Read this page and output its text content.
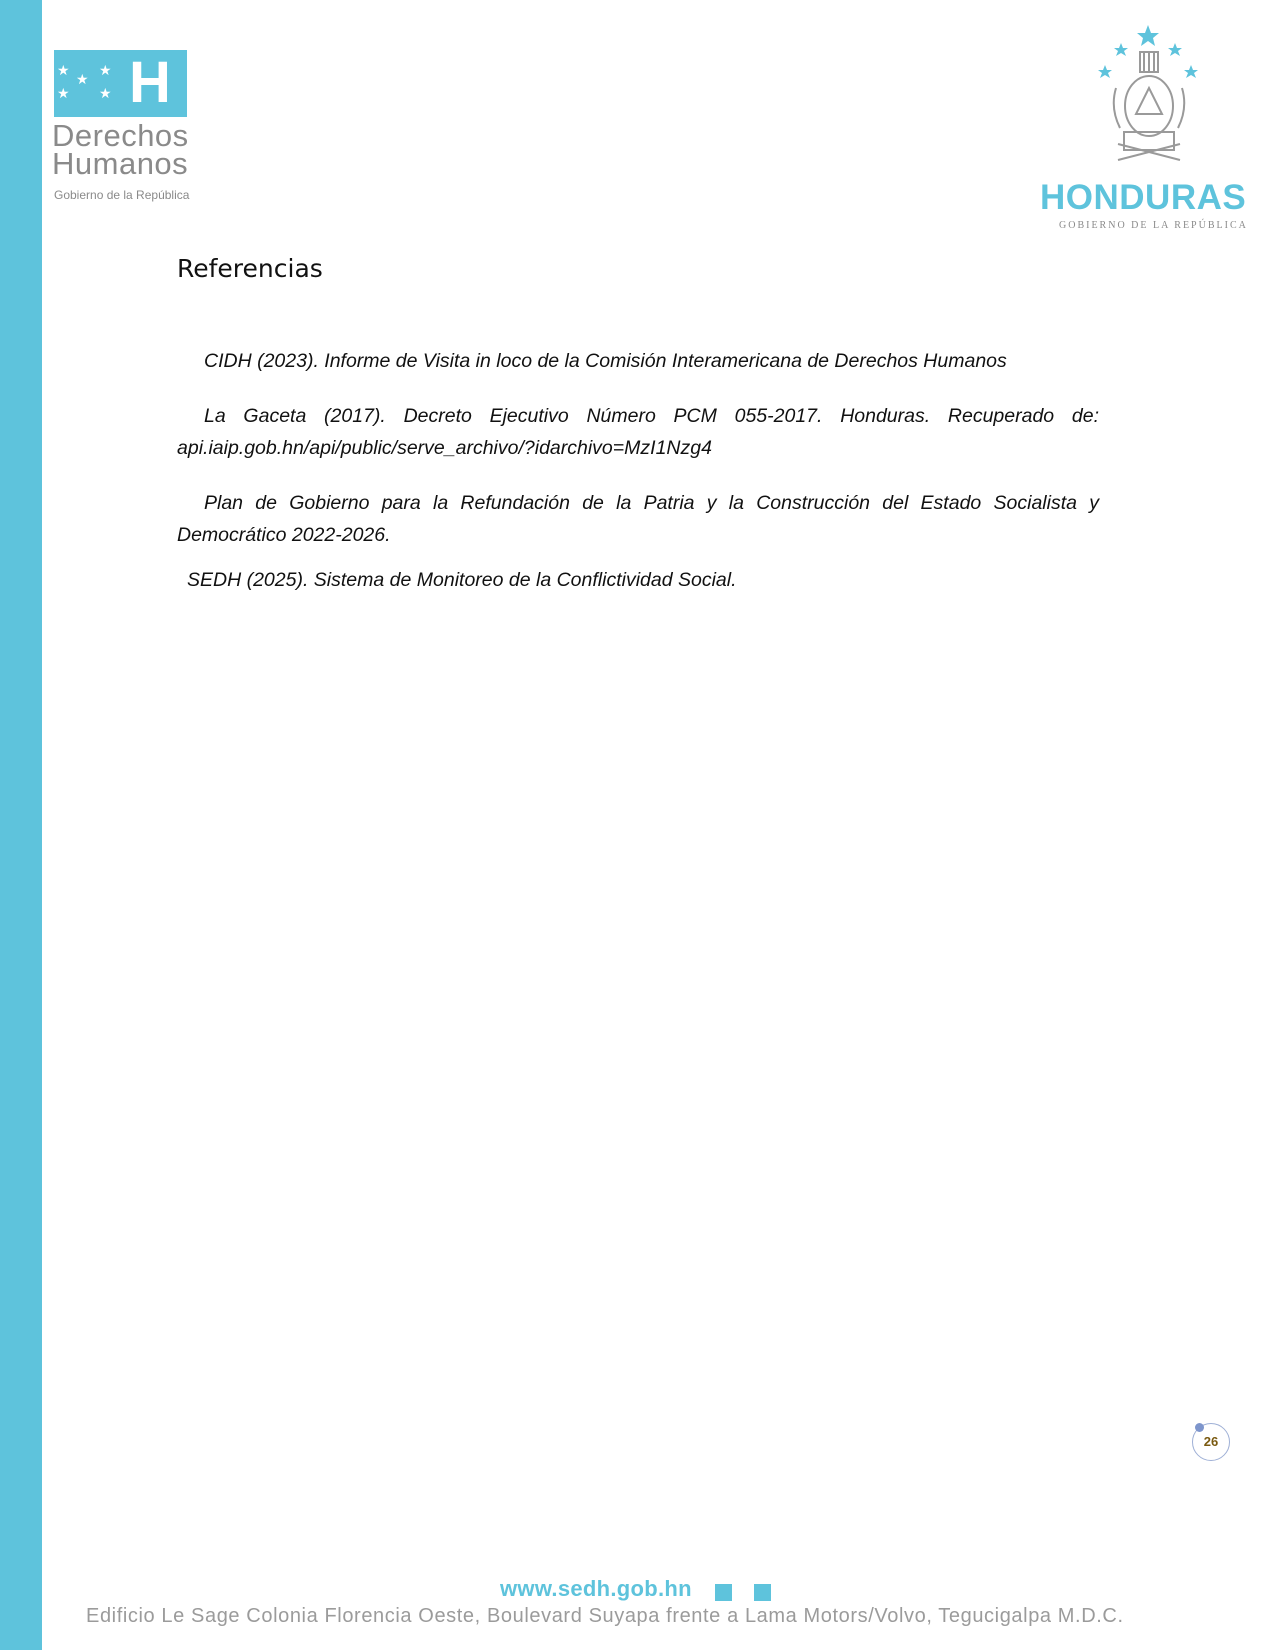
★
★
★
★ ★ H
Derechos
Humanos
Gobierno de la República	HONDURAS
GOBIERNO DE LA REPÚBLICA
Referencias

CIDH (2023). Informe de Visita in loco de la Comisión Interamericana de Derechos Humanos

La Gaceta (2017). Decreto Ejecutivo Número PCM 055-2017. Honduras. Recuperado de: api.iaip.gob.hn/api/public/serve_archivo/?idarchivo=MzI1Nzg4

Plan de Gobierno para la Refundación de la Patria y la Construcción del Estado Socialista y Democrático 2022-2026.

SEDH (2025). Sistema de Monitoreo de la Conflictividad Social.

26
www.sedh.gob.hn
Edificio Le Sage Colonia Florencia Oeste, Boulevard Suyapa frente a Lama Motors/Volvo, Tegucigalpa M.D.C.
